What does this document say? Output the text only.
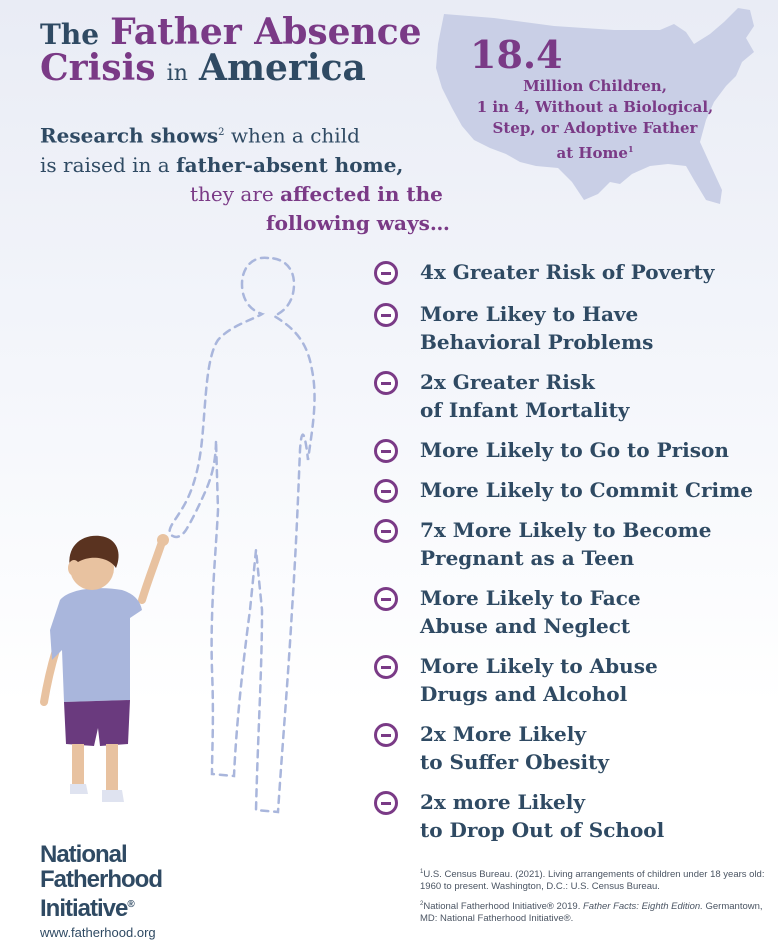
18.4
Million Children,
1 in 4, Without a Biological,
Step, or Adoptive Father
at Home$^1$
The Father Absence
Crisis in America
Research shows$^2$ when a child
is raised in a father-absent home,
they are affected in the
following ways…
4x Greater Risk of Poverty
More Likey to Have
Behavioral Problems
2x Greater Risk
of Infant Mortality
More Likely to Go to Prison
More Likely to Commit Crime
7x More Likely to Become
Pregnant as a Teen
More Likely to Face
Abuse and Neglect
More Likely to Abuse
Drugs and Alcohol
2x More Likely
to Suffer Obesity
2x more Likely
to Drop Out of School
National
Fatherhood
Initiative®
www.fatherhood.org

$^1$U.S. Census Bureau. (2021). Living arrangements of children under 18 years old: 1960 to present. Washington, D.C.: U.S. Census Bureau.

$^2$National Fatherhood Initiative® 2019. Father Facts: Eighth Edition. Germantown, MD: National Fatherhood Initiative®.
